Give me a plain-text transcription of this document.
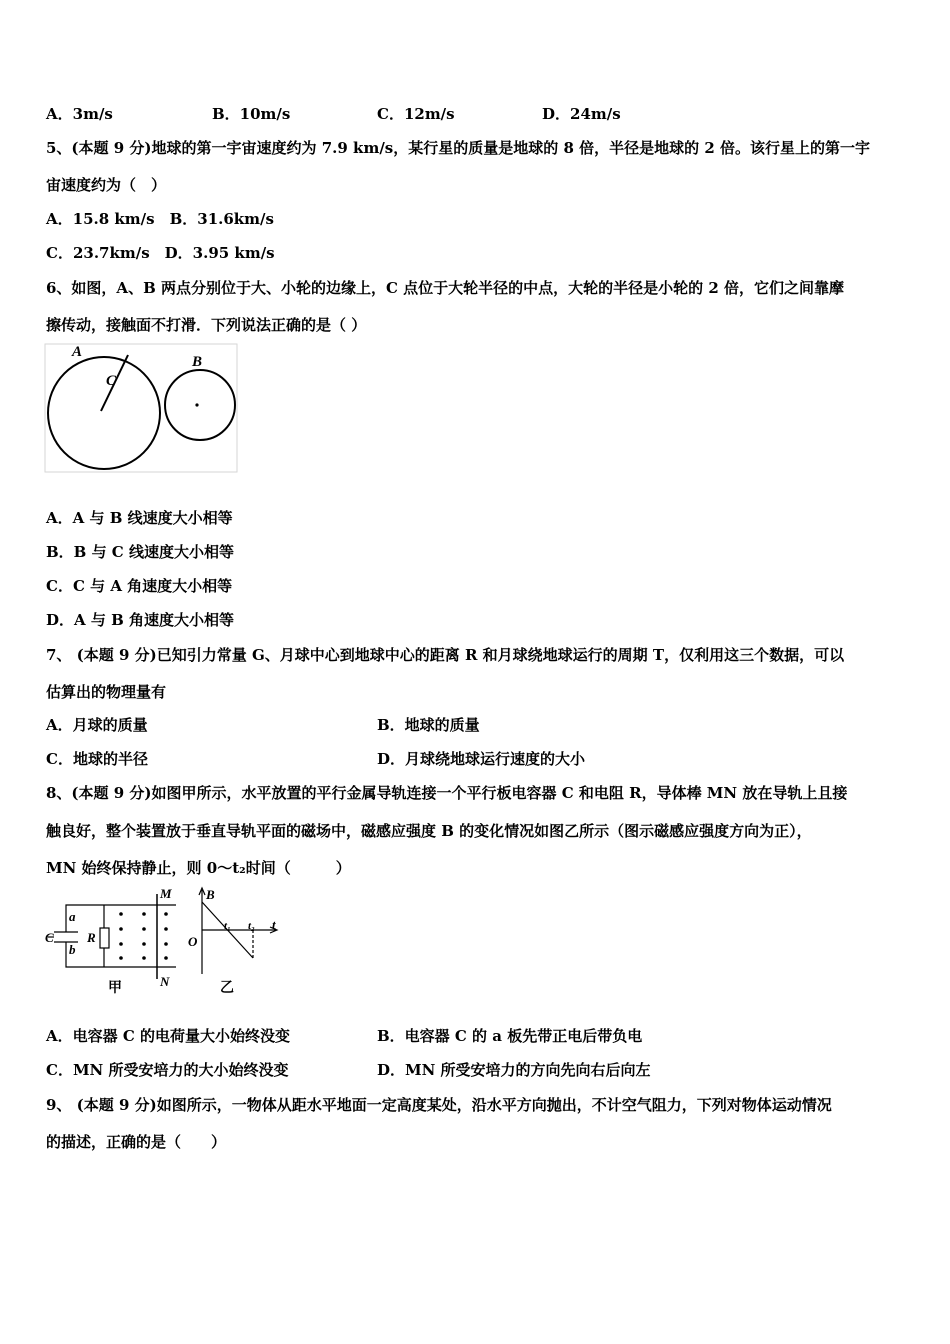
A．3m/s	B．10m/s	C．12m/s	D．24m/s
5、(本题 9 分)地球的第一宇宙速度约为 7.9 km/s，某行星的质量是地球的 8 倍，半径是地球的 2 倍。该行星上的第一宇
宙速度约为（　）
A．15.8 km/s　B．31.6km/s
C．23.7km/s　D．3.95 km/s
6、如图，A、B 两点分别位于大、小轮的边缘上，C 点位于大轮半径的中点，大轮的半径是小轮的 2 倍，它们之间靠摩
擦传动，接触面不打滑．下列说法正确的是（ ）
A
C
B
A．A 与 B 线速度大小相等
B．B 与 C 线速度大小相等
C．C 与 A 角速度大小相等
D．A 与 B 角速度大小相等
7、 (本题 9 分)已知引力常量 G、月球中心到地球中心的距离 R 和月球绕地球运行的周期 T，仅利用这三个数据，可以
估算出的物理量有
A．月球的质量	B．地球的质量
C．地球的半径	D．月球绕地球运行速度的大小
8、(本题 9 分)如图甲所示，水平放置的平行金属导轨连接一个平行板电容器 C 和电阻 R，导体棒 MN 放在导轨上且接
触良好，整个装置放于垂直导轨平面的磁场中，磁感应强度 B 的变化情况如图乙所示（图示磁感应强度方向为正），
MN 始终保持静止，则 0～t₂时间（　　　）
M
N
a
b
C	R
甲
B
O
t₁ t₂ t
乙
A．电容器 C 的电荷量大小始终没变	B．电容器 C 的 a 板先带正电后带负电
C．MN 所受安培力的大小始终没变	D．MN 所受安培力的方向先向右后向左
9、 (本题 9 分)如图所示，一物体从距水平地面一定高度某处，沿水平方向抛出，不计空气阻力，下列对物体运动情况
的描述，正确的是（　　）
